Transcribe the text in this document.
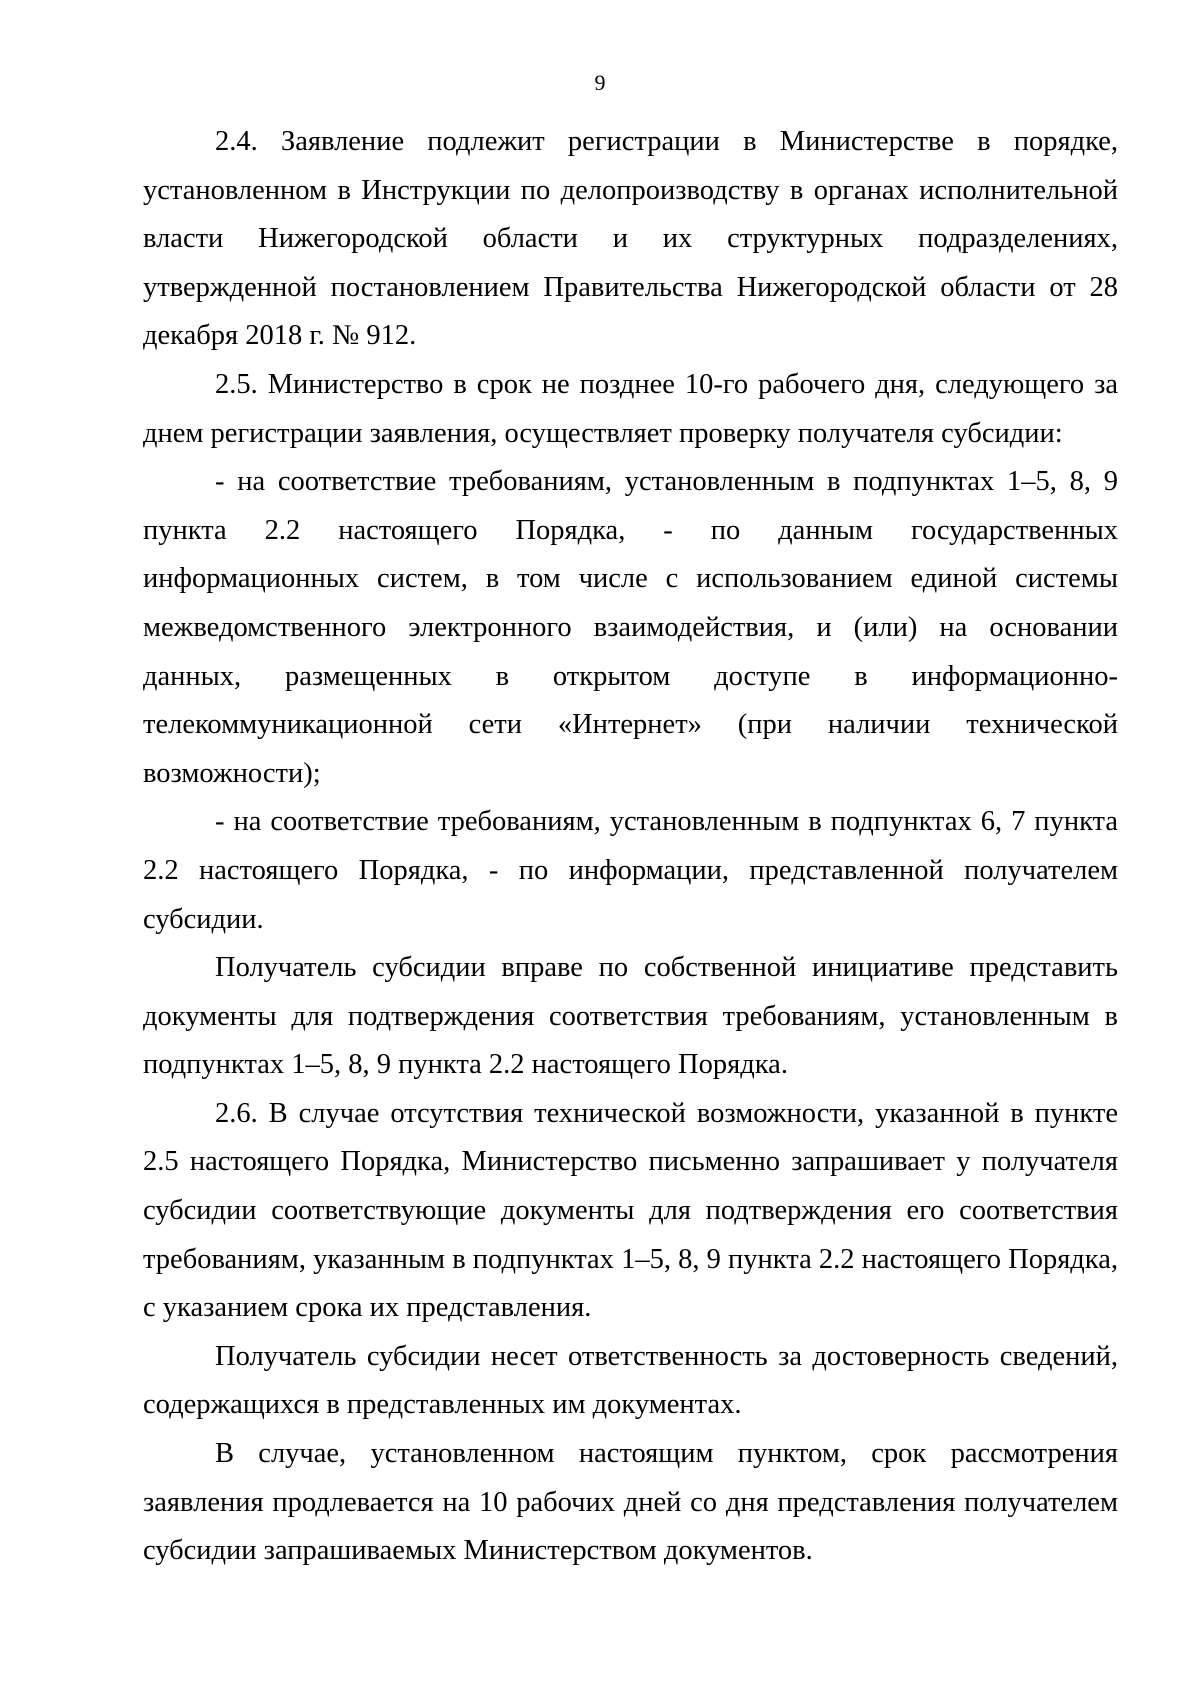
9

2.4. Заявление подлежит регистрации в Министерстве в порядке, установленном в Инструкции по делопроизводству в органах исполнительной власти Нижегородской области и их структурных подразделениях, утвержденной постановлением Правительства Нижегородской области от 28 декабря 2018 г. № 912.

2.5. Министерство в срок не позднее 10-го рабочего дня, следующего за днем регистрации заявления, осуществляет проверку получателя субсидии:

- на соответствие требованиям, установленным в подпунктах 1–5, 8, 9 пункта 2.2 настоящего Порядка, - по данным государственных информационных систем, в том числе с использованием единой системы межведомственного электронного взаимодействия, и (или) на основании данных, размещенных в открытом доступе в информационно-телекоммуникационной сети «Интернет» (при наличии технической возможности);

- на соответствие требованиям, установленным в подпунктах 6, 7 пункта 2.2 настоящего Порядка, - по информации, представленной получателем субсидии.

Получатель субсидии вправе по собственной инициативе представить документы для подтверждения соответствия требованиям, установленным в подпунктах 1–5, 8, 9 пункта 2.2 настоящего Порядка.

2.6. В случае отсутствия технической возможности, указанной в пункте 2.5 настоящего Порядка, Министерство письменно запрашивает у получателя субсидии соответствующие документы для подтверждения его соответствия требованиям, указанным в подпунктах 1–5, 8, 9 пункта 2.2 настоящего Порядка, с указанием срока их представления.

Получатель субсидии несет ответственность за достоверность сведений, содержащихся в представленных им документах.

В случае, установленном настоящим пунктом, срок рассмотрения заявления продлевается на 10 рабочих дней со дня представления получателем субсидии запрашиваемых Министерством документов.
